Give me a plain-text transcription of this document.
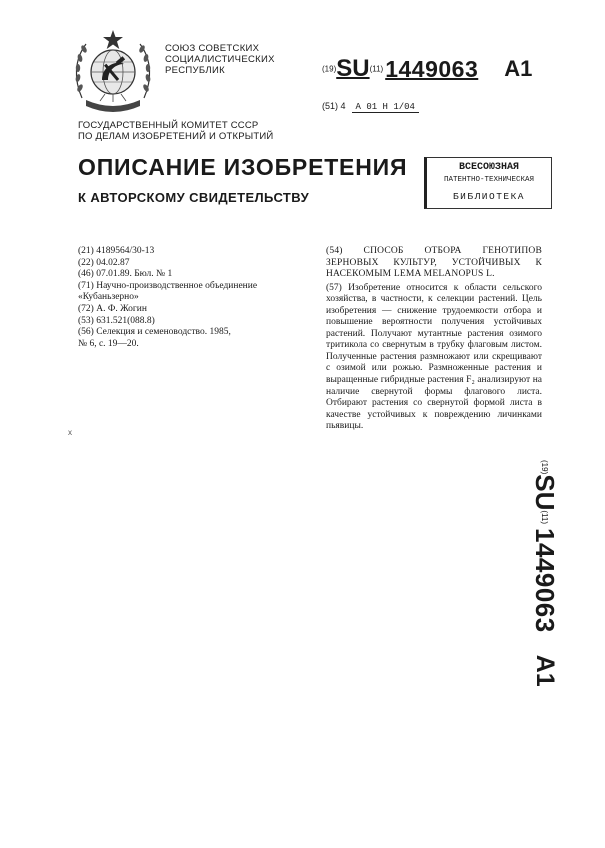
СОЮЗ СОВЕТСКИХ
СОЦИАЛИСТИЧЕСКИХ
РЕСПУБЛИК	(19)SU(11)1449063 A1
(51) 4 A 01 H 1/04
ГОСУДАРСТВЕННЫЙ КОМИТЕТ СССР
ПО ДЕЛАМ ИЗОБРЕТЕНИЙ И ОТКРЫТИЙ
ОПИСАНИЕ ИЗОБРЕТЕНИЯ
К АВТОРСКОМУ СВИДЕТЕЛЬСТВУ
ВСЕСОЮЗНАЯ
ПАТЕНТНО-ТЕХНИЧЕСКАЯ
БИБЛИОТЕКА
(21) 4189564/30-13
(22) 04.02.87
(46) 07.01.89. Бюл. № 1
(71) Научно-производственное объединение
«Кубаньзерно»
(72) А. Ф. Жогин
(53) 631.521(088.8)
(56) Селекция и семеноводство. 1985,
№ 6, с. 19—20.
(54) СПОСОБ ОТБОРА ГЕНОТИПОВ ЗЕРНОВЫХ КУЛЬТУР, УСТОЙЧИВЫХ К НАСЕКОМЫМ LEMA MELANOPUS L.
(57) Изобретение относится к области сельского хозяйства, в частности, к селекции растений. Цель изобретения — снижение трудоемкости отбора и повышение вероятности получения устойчивых растений. Получают мутантные растения озимого тритикола со свернутым в трубку флаговым листом. Полученные растения размножают или скрещивают с озимой или рожью. Размноженные растения и выращенные гибридные растения F₂ анализируют на наличие свернутой формы флагового листа. Отбирают растения со свернутой формой листа в качестве устойчивых к повреждению личинками пьявицы.
x
(19)SU(11)1449063A1
